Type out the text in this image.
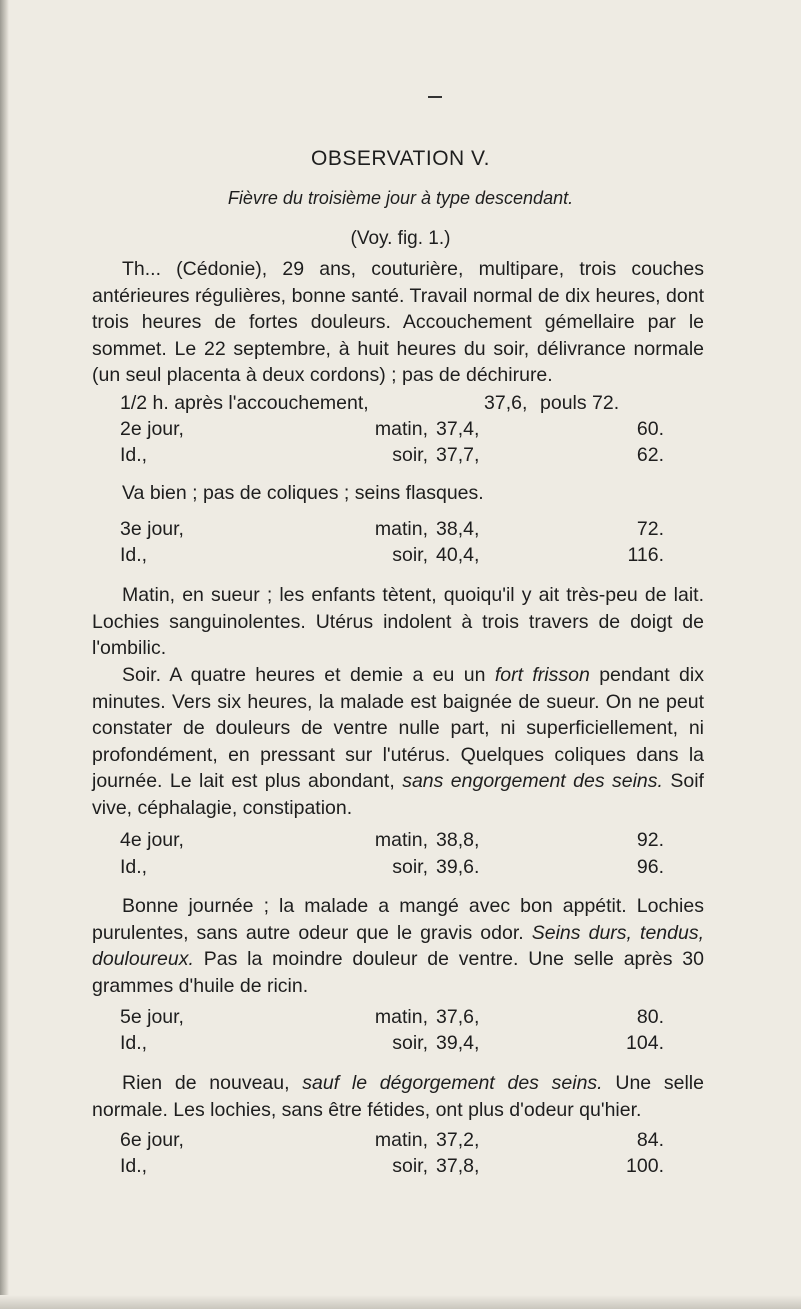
OBSERVATION V.
Fièvre du troisième jour à type descendant.
(Voy. fig. 1.)

Th... (Cédonie), 29 ans, couturière, multipare, trois couches antérieures régulières, bonne santé. Travail normal de dix heures, dont trois heures de fortes douleurs. Accouchement gémellaire par le sommet. Le 22 septembre, à huit heures du soir, délivrance normale (un seul placenta à deux cordons) ; pas de déchirure.

1/2 h. après l'accouchement,	37,6, pouls 72.
2e jour,	matin, 37,4,	60.
Id.,	soir, 37,7,	62.

Va bien ; pas de coliques ; seins flasques.

3e jour,	matin, 38,4,	72.
Id.,	soir, 40,4,	116.

Matin, en sueur ; les enfants tètent, quoiqu'il y ait très-peu de lait. Lochies sanguinolentes. Utérus indolent à trois travers de doigt de l'ombilic.

Soir. A quatre heures et demie a eu un fort frisson pendant dix minutes. Vers six heures, la malade est baignée de sueur. On ne peut constater de douleurs de ventre nulle part, ni superficiellement, ni profondément, en pressant sur l'utérus. Quelques coliques dans la journée. Le lait est plus abondant, sans engorgement des seins. Soif vive, céphalagie, constipation.

4e jour,	matin, 38,8,	92.
Id.,	soir, 39,6.	96.

Bonne journée ; la malade a mangé avec bon appétit. Lochies purulentes, sans autre odeur que le gravis odor. Seins durs, tendus, douloureux. Pas la moindre douleur de ventre. Une selle après 30 grammes d'huile de ricin.

5e jour,	matin, 37,6,	80.
Id.,	soir, 39,4,	104.

Rien de nouveau, sauf le dégorgement des seins. Une selle normale. Les lochies, sans être fétides, ont plus d'odeur qu'hier.

6e jour,	matin, 37,2,	84.
Id.,	soir, 37,8,	100.
